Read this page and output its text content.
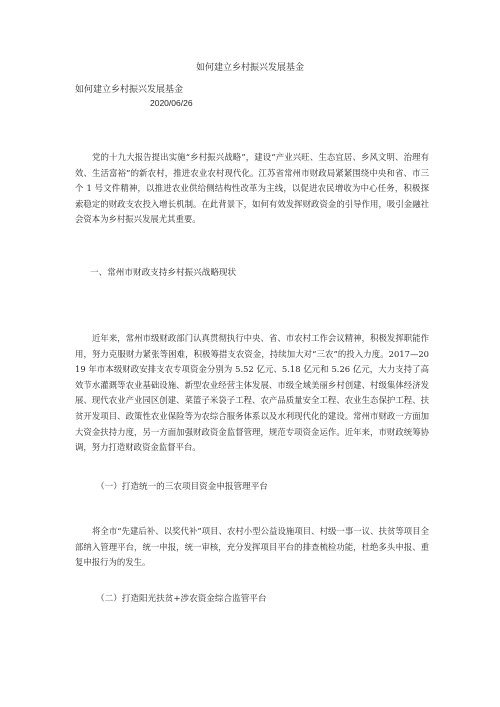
如何建立乡村振兴发展基金
如何建立乡村振兴发展基金
2020/06/26

党的十九大报告提出实施“乡村振兴战略”，建设“产业兴旺、生态宜居、乡风文明、治理有效、生活富裕”的新农村，推进农业农村现代化。江苏省常州市财政局紧紧围绕中央和省、市三个 1 号文件精神，以推进农业供给侧结构性改革为主线，以促进农民增收为中心任务，积极探索稳定的财政支农投入增长机制。在此背景下，如何有效发挥财政资金的引导作用，吸引金融社会资本为乡村振兴发展尤其重要。

一、常州市财政支持乡村振兴战略现状

近年来，常州市级财政部门认真贯彻执行中央、省、市农村工作会议精神，积极发挥职能作用，努力克服财力紧张等困难，积极筹措支农资金，持续加大对“三农”的投入力度。2017—2019 年市本级财政安排支农专项资金分别为 5.52 亿元、5.18 亿元和 5.26 亿元，大力支持了高效节水灌溉等农业基础设施、新型农业经营主体发展、市级全域美丽乡村创建、村级集体经济发展、现代农业产业园区创建、菜篮子米袋子工程、农产品质量安全工程、农业生态保护工程、扶贫开发项目、政策性农业保险等为农综合服务体系以及水利现代化的建设。常州市财政一方面加大资金扶持力度，另一方面加强财政资金监督管理，规范专项资金运作。近年来，市财政统筹协调，努力打造财政资金监督平台。

（一）打造统一的三农项目资金申报管理平台

将全市“先建后补、以奖代补”项目、农村小型公益设施项目、村级一事一议、扶贫等项目全部纳入管理平台，统一申报，统一审核，充分发挥项目平台的排查梳检功能，杜绝多头申报、重复申报行为的发生。

（二）打造阳光扶贫+涉农资金综合监管平台
